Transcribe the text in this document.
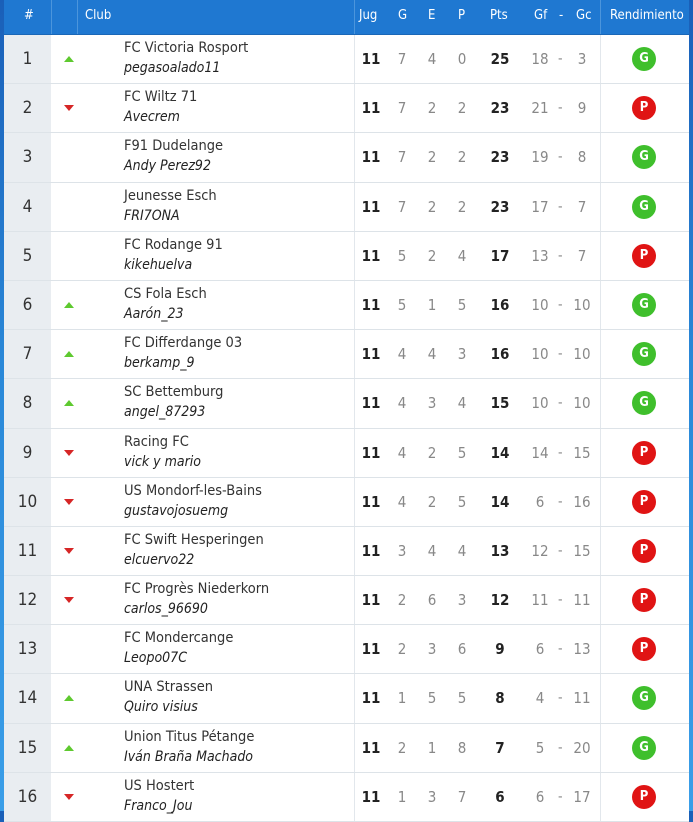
#	Club	Jug G E P Pts Gf - Gc Rendimiento
1
FC Victoria Rosport
pegasoalado11	11	7	4	0	25	18 -	3	G
2
FC Wiltz 71
Avecrem	11	7	2	2	23	21 -	9	P
3
F91 Dudelange
Andy Perez92	11	7	2	2	23	19 -	8	G
4
Jeunesse Esch
FRI7ONA	11	7	2	2	23	17 -	7	G
5
FC Rodange 91
kikehuelva	11	5	2	4	17	13 -	7	P
6
CS Fola Esch
Aarón_23	11	5	1	5	16	10 - 10	G
7
FC Differdange 03
berkamp_9	11	4	4	3	16	10 - 10	G
8
SC Bettemburg
angel_87293	11	4	3	4	15	10 - 10	G
9
Racing FC
vick y mario	11	4	2	5	14	14 - 15	P
10
US Mondorf-les-Bains
gustavojosuemg	11	4	2	5	14	6 - 16	P
11
FC Swift Hesperingen
elcuervo22	11	3	4	4	13	12 - 15	P
12
FC Progrès Niederkorn
carlos_96690	11	2	6	3	12	11 - 11	P
13
FC Mondercange
Leopo07C	11	2	3	6	9	6 - 13	P
14
UNA Strassen
Quiro visius	11	1	5	5	8	4 - 11	G
15
Union Titus Pétange
Iván Braña Machado	11	2	1	8	7	5 - 20	G
16
US Hostert
Franco_Jou	11	1	3	7	6	6 - 17	P
